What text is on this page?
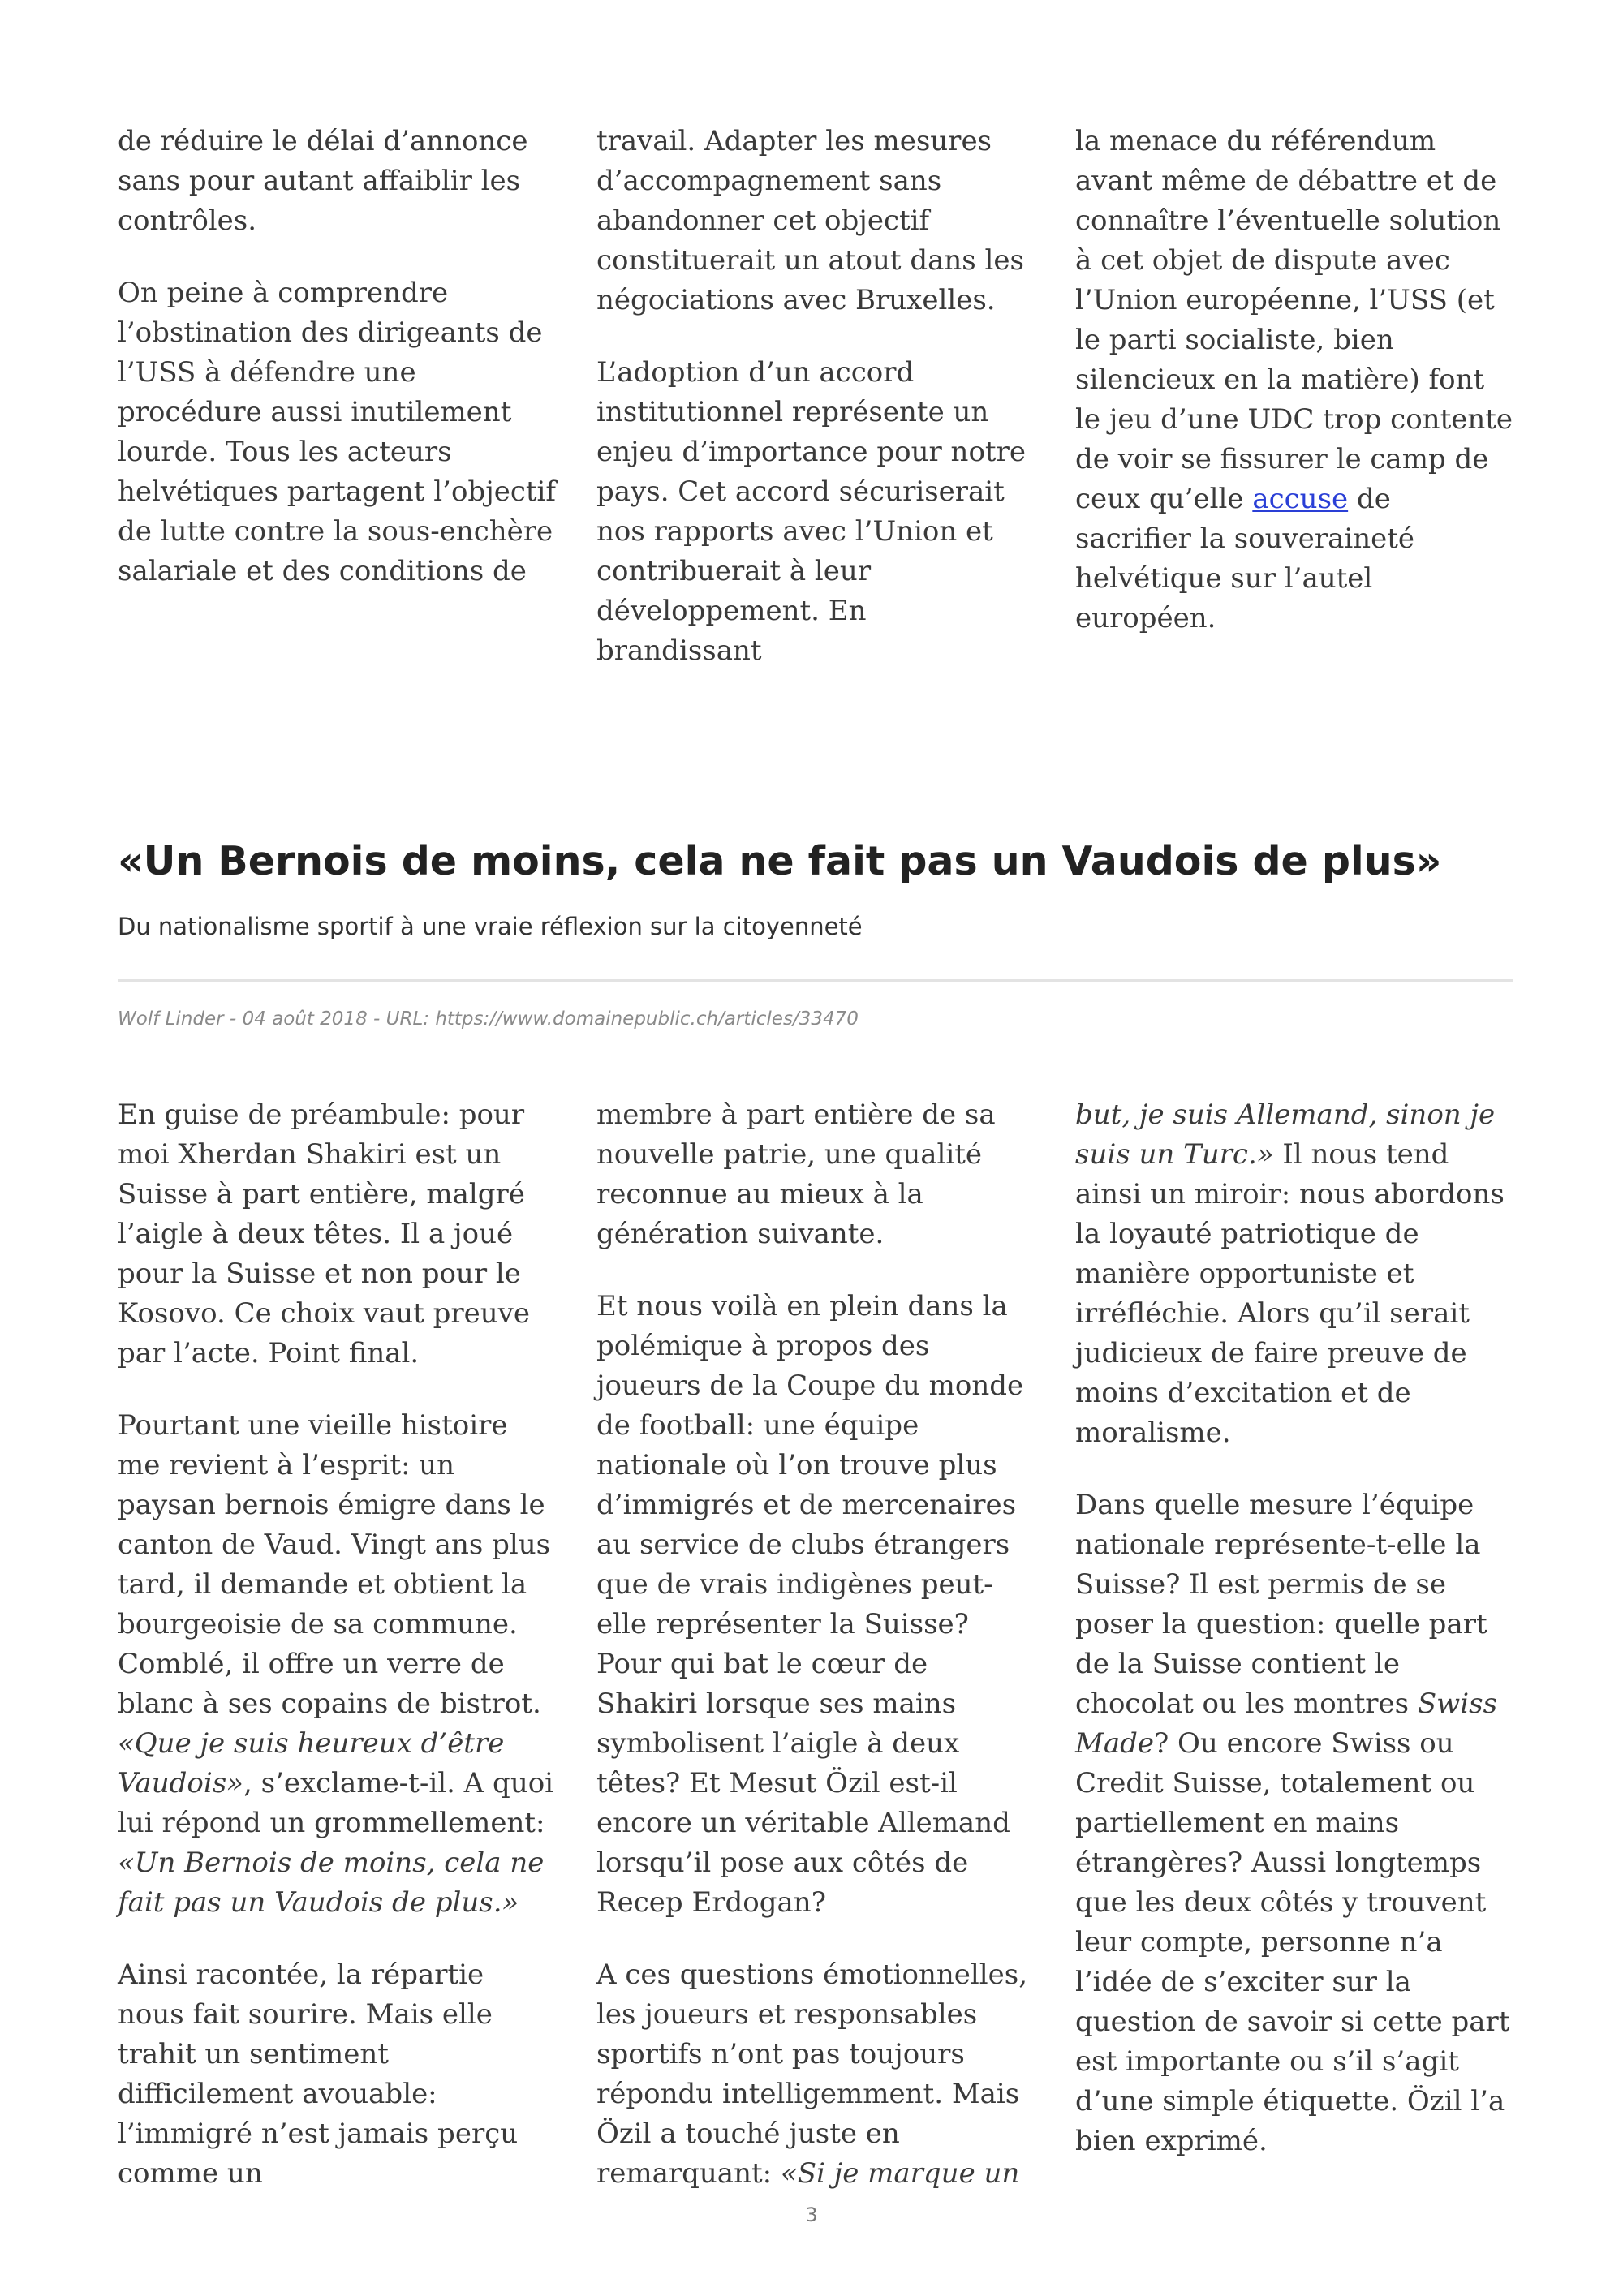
de réduire le délai d’annonce sans pour autant affaiblir les contrôles.

On peine à comprendre l’obstination des dirigeants de l’USS à défendre une procédure aussi inutilement lourde. Tous les acteurs helvétiques partagent l’objectif de lutte contre la sous-enchère salariale et des conditions de

travail. Adapter les mesures d’accompagnement sans abandonner cet objectif constituerait un atout dans les négociations avec Bruxelles.

L’adoption d’un accord institutionnel représente un enjeu d’importance pour notre pays. Cet accord sécuriserait nos rapports avec l’Union et contribuerait à leur développement. En brandissant

la menace du référendum avant même de débattre et de connaître l’éventuelle solution à cet objet de dispute avec l’Union européenne, l’USS (et le parti socialiste, bien silencieux en la matière) font le jeu d’une UDC trop contente de voir se fissurer le camp de ceux qu’elle accuse de sacrifier la souveraineté helvétique sur l’autel européen.

«Un Bernois de moins, cela ne fait pas un Vaudois de plus»

Du nationalisme sportif à une vraie réflexion sur la citoyenneté

Wolf Linder - 04 août 2018 - URL: https://www.domainepublic.ch/articles/33470

En guise de préambule: pour moi Xherdan Shakiri est un Suisse à part entière, malgré l’aigle à deux têtes. Il a joué pour la Suisse et non pour le Kosovo. Ce choix vaut preuve par l’acte. Point final.

Pourtant une vieille histoire me revient à l’esprit: un paysan bernois émigre dans le canton de Vaud. Vingt ans plus tard, il demande et obtient la bourgeoisie de sa commune. Comblé, il offre un verre de blanc à ses copains de bistrot. «Que je suis heureux d’être Vaudois», s’exclame-t-il. A quoi lui répond un grommellement: «Un Bernois de moins, cela ne fait pas un Vaudois de plus.»

Ainsi racontée, la répartie nous fait sourire. Mais elle trahit un sentiment difficilement avouable: l’immigré n’est jamais perçu comme un

membre à part entière de sa nouvelle patrie, une qualité reconnue au mieux à la génération suivante.

Et nous voilà en plein dans la polémique à propos des joueurs de la Coupe du monde de football: une équipe nationale où l’on trouve plus d’immigrés et de mercenaires au service de clubs étrangers que de vrais indigènes peut-elle représenter la Suisse? Pour qui bat le cœur de Shakiri lorsque ses mains symbolisent l’aigle à deux têtes? Et Mesut Özil est-il encore un véritable Allemand lorsqu’il pose aux côtés de Recep Erdogan?

A ces questions émotionnelles, les joueurs et responsables sportifs n’ont pas toujours répondu intelligemment. Mais Özil a touché juste en remarquant: «Si je marque un

but, je suis Allemand, sinon je suis un Turc.» Il nous tend ainsi un miroir: nous abordons la loyauté patriotique de manière opportuniste et irréfléchie. Alors qu’il serait judicieux de faire preuve de moins d’excitation et de moralisme.

Dans quelle mesure l’équipe nationale représente-t-elle la Suisse? Il est permis de se poser la question: quelle part de la Suisse contient le chocolat ou les montres Swiss Made? Ou encore Swiss ou Credit Suisse, totalement ou partiellement en mains étrangères? Aussi longtemps que les deux côtés y trouvent leur compte, personne n’a l’idée de s’exciter sur la question de savoir si cette part est importante ou s’il s’agit d’une simple étiquette. Özil l’a bien exprimé.

3
